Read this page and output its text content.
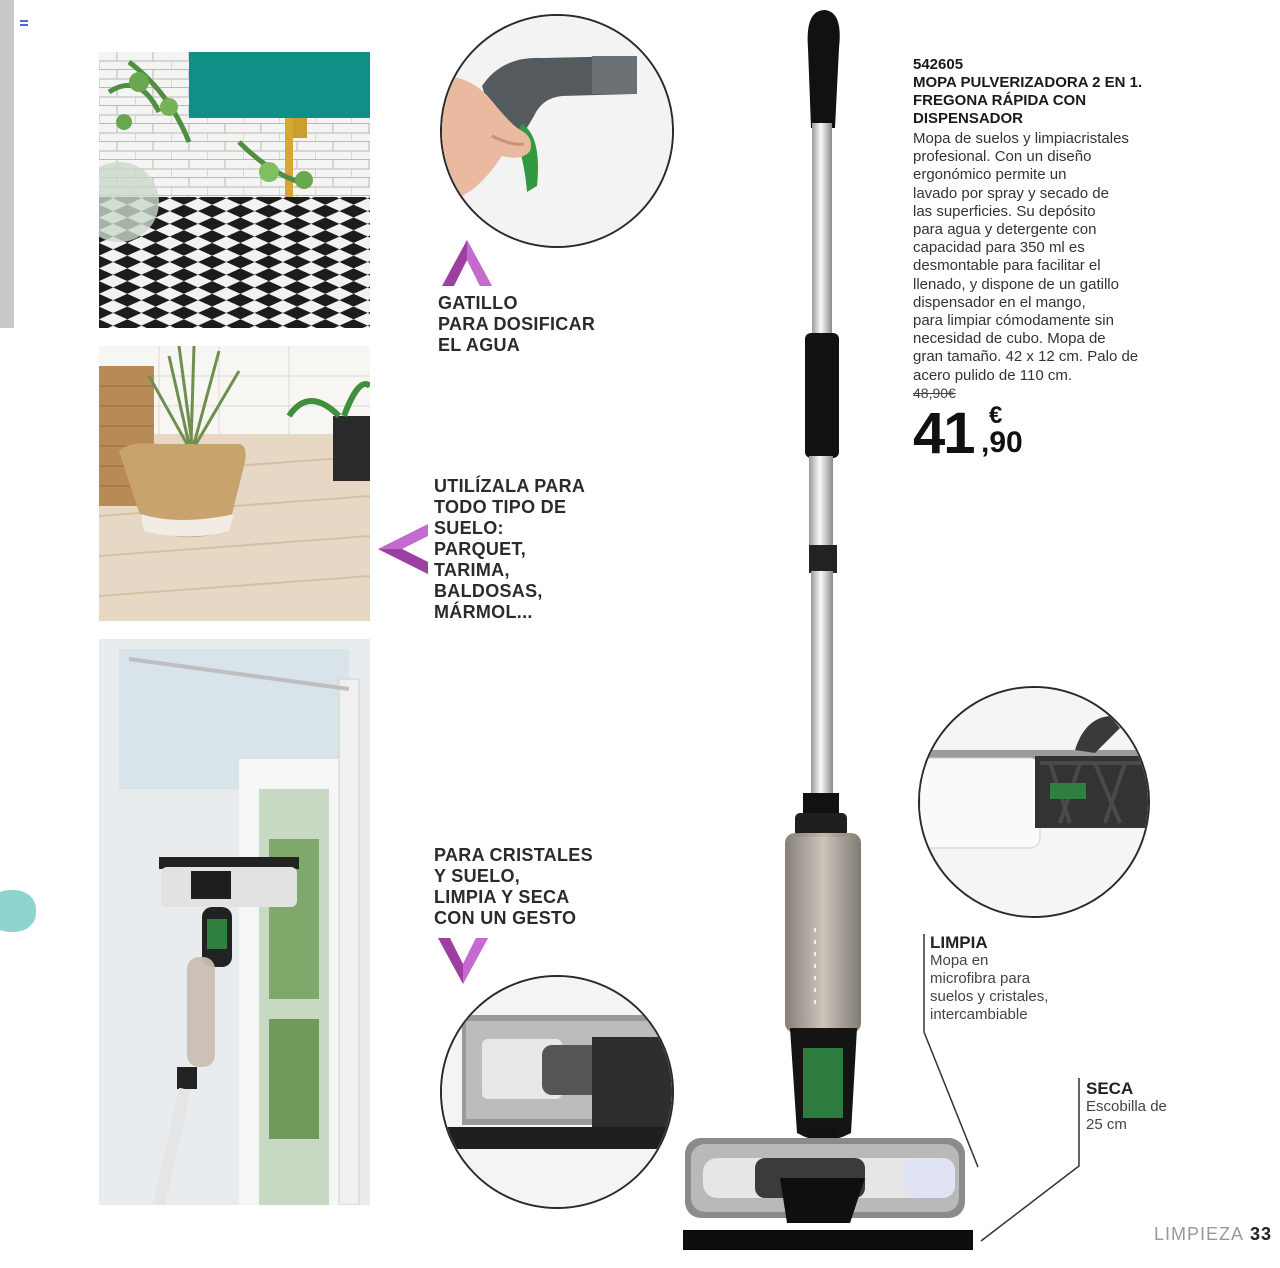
GATILLO
PARA DOSIFICAR
EL AGUA
UTILÍZALA PARA
TODO TIPO DE
SUELO:
PARQUET,
TARIMA,
BALDOSAS,
MÁRMOL...
PARA CRISTALES
Y SUELO,
LIMPIA Y SECA
CON UN GESTO
542605
MOPA PULVERIZADORA 2 EN 1.
FREGONA RÁPIDA CON
DISPENSADOR
Mopa de suelos y limpiacristales
profesional. Con un diseño
ergonómico permite un
lavado por spray y secado de
las superficies. Su depósito
para agua y detergente con
capacidad para 350 ml es
desmontable para facilitar el
llenado, y dispone de un gatillo
dispensador en el mango,
para limpiar cómodamente sin
necesidad de cubo. Mopa de
gran tamaño. 42 x 12 cm. Palo de
acero pulido de 110 cm.
48,90€
41 €
,90
LIMPIA
Mopa en
microfibra para
suelos y cristales,
intercambiable
SECA
Escobilla de
25 cm
LIMPIEZA 33
